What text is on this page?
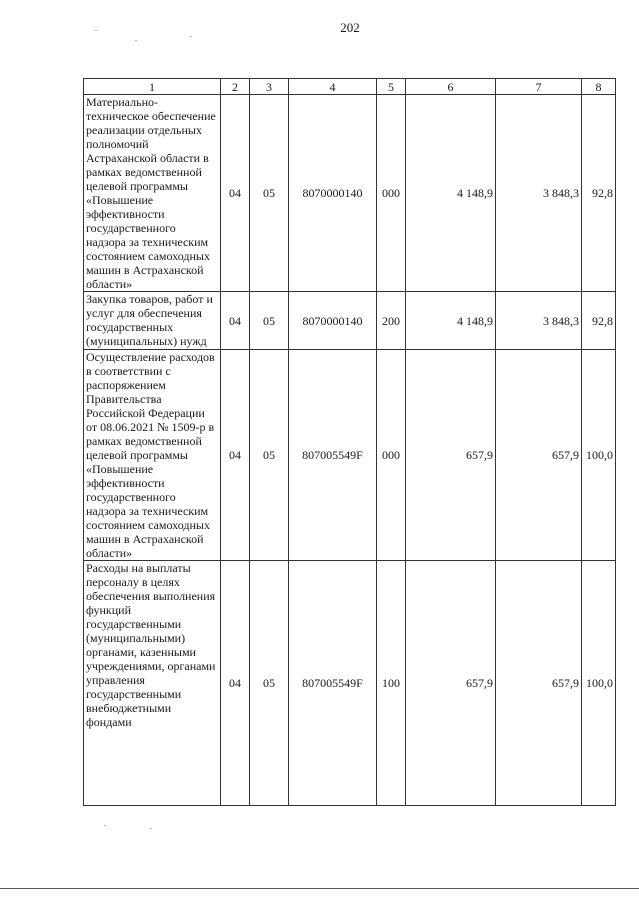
202
1	2	3	4	5	6	7	8
Материально-техническое обеспечение реализации отдельных полномочий Астраханской области в рамках ведомственной целевой программы «Повышение эффективности государственного надзора за техническим состоянием самоходных машин в Астраханской области»	04	05	8070000140	000	4 148,9	3 848,3	92,8
Закупка товаров, работ и услуг для обеспечения государственных (муниципальных) нужд	04	05	8070000140	200	4 148,9	3 848,3	92,8
Осуществление расходов в соответствии с распоряжением Правительства Российской Федерации от 08.06.2021 № 1509-р в рамках ведомственной целевой программы «Повышение эффективности государственного надзора за техническим состоянием самоходных машин в Астраханской области»	04	05	807005549F	000	657,9	657,9	100,0
Расходы на выплаты персоналу в целях обеспечения выполнения функций государственными (муниципальными) органами, казенными учреждениями, органами управления государственными внебюджетными фондами	04	05	807005549F	100	657,9	657,9	100,0
